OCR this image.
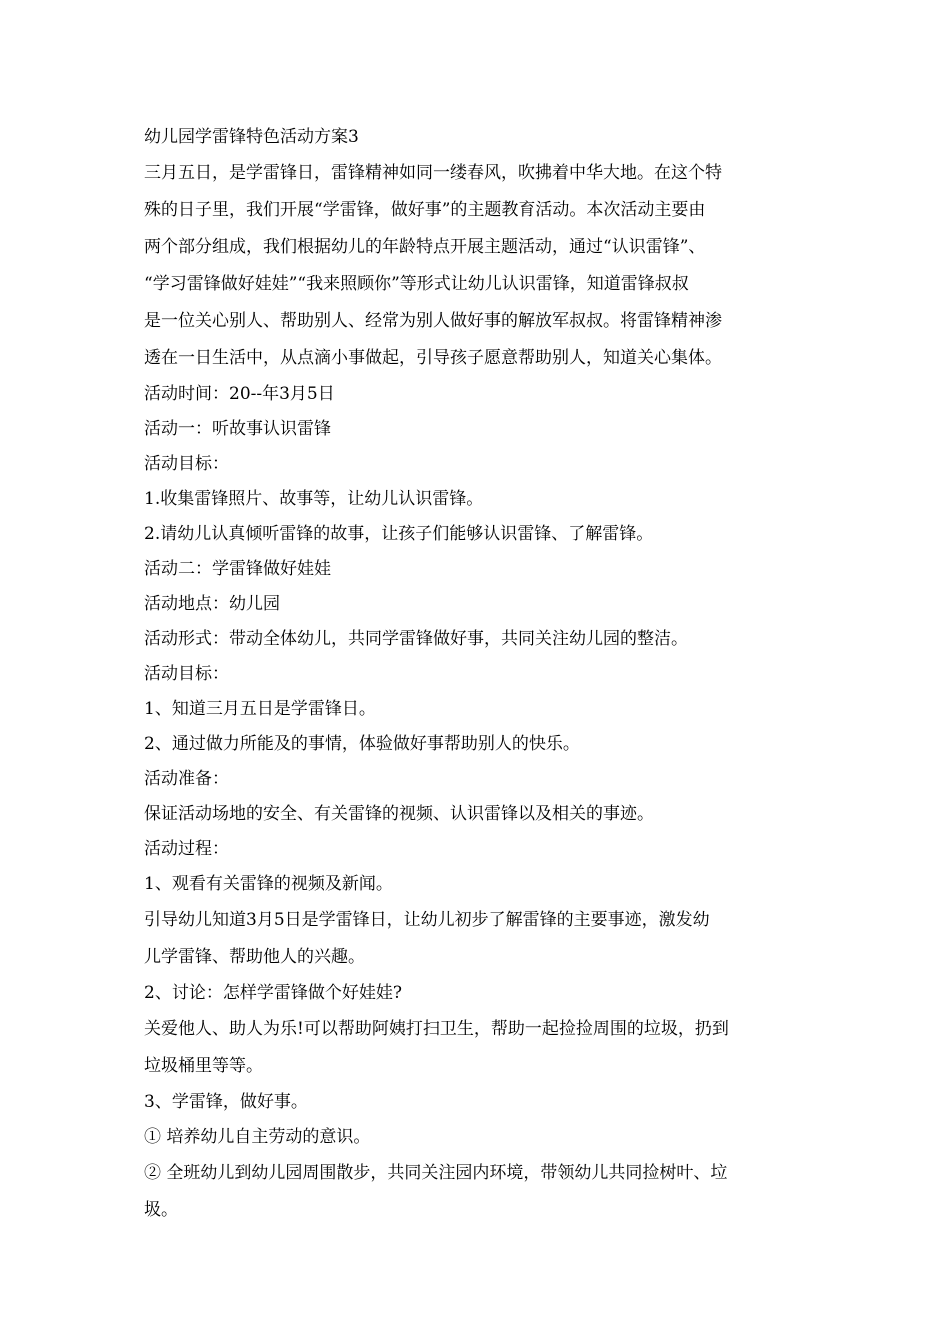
幼儿园学雷锋特色活动方案3

三月五日，是学雷锋日，雷锋精神如同一缕春风，吹拂着中华大地。在这个特

殊的日子里，我们开展“学雷锋，做好事”的主题教育活动。本次活动主要由

两个部分组成，我们根据幼儿的年龄特点开展主题活动，通过“认识雷锋”、

“学习雷锋做好娃娃”“我来照顾你”等形式让幼儿认识雷锋，知道雷锋叔叔

是一位关心别人、帮助别人、经常为别人做好事的解放军叔叔。将雷锋精神渗

透在一日生活中，从点滴小事做起，引导孩子愿意帮助别人，知道关心集体。

活动时间：20--年3月5日

活动一：听故事认识雷锋

活动目标：

1.收集雷锋照片、故事等，让幼儿认识雷锋。

2.请幼儿认真倾听雷锋的故事，让孩子们能够认识雷锋、了解雷锋。

活动二：学雷锋做好娃娃

活动地点：幼儿园

活动形式：带动全体幼儿，共同学雷锋做好事，共同关注幼儿园的整洁。

活动目标：

1、知道三月五日是学雷锋日。

2、通过做力所能及的事情，体验做好事帮助别人的快乐。

活动准备：

保证活动场地的安全、有关雷锋的视频、认识雷锋以及相关的事迹。

活动过程：

1、观看有关雷锋的视频及新闻。

引导幼儿知道3月5日是学雷锋日，让幼儿初步了解雷锋的主要事迹，激发幼

儿学雷锋、帮助他人的兴趣。

2、讨论：怎样学雷锋做个好娃娃?

关爱他人、助人为乐!可以帮助阿姨打扫卫生，帮助一起捡捡周围的垃圾，扔到

垃圾桶里等等。

3、学雷锋，做好事。

① 培养幼儿自主劳动的意识。

② 全班幼儿到幼儿园周围散步，共同关注园内环境，带领幼儿共同捡树叶、垃

圾。
